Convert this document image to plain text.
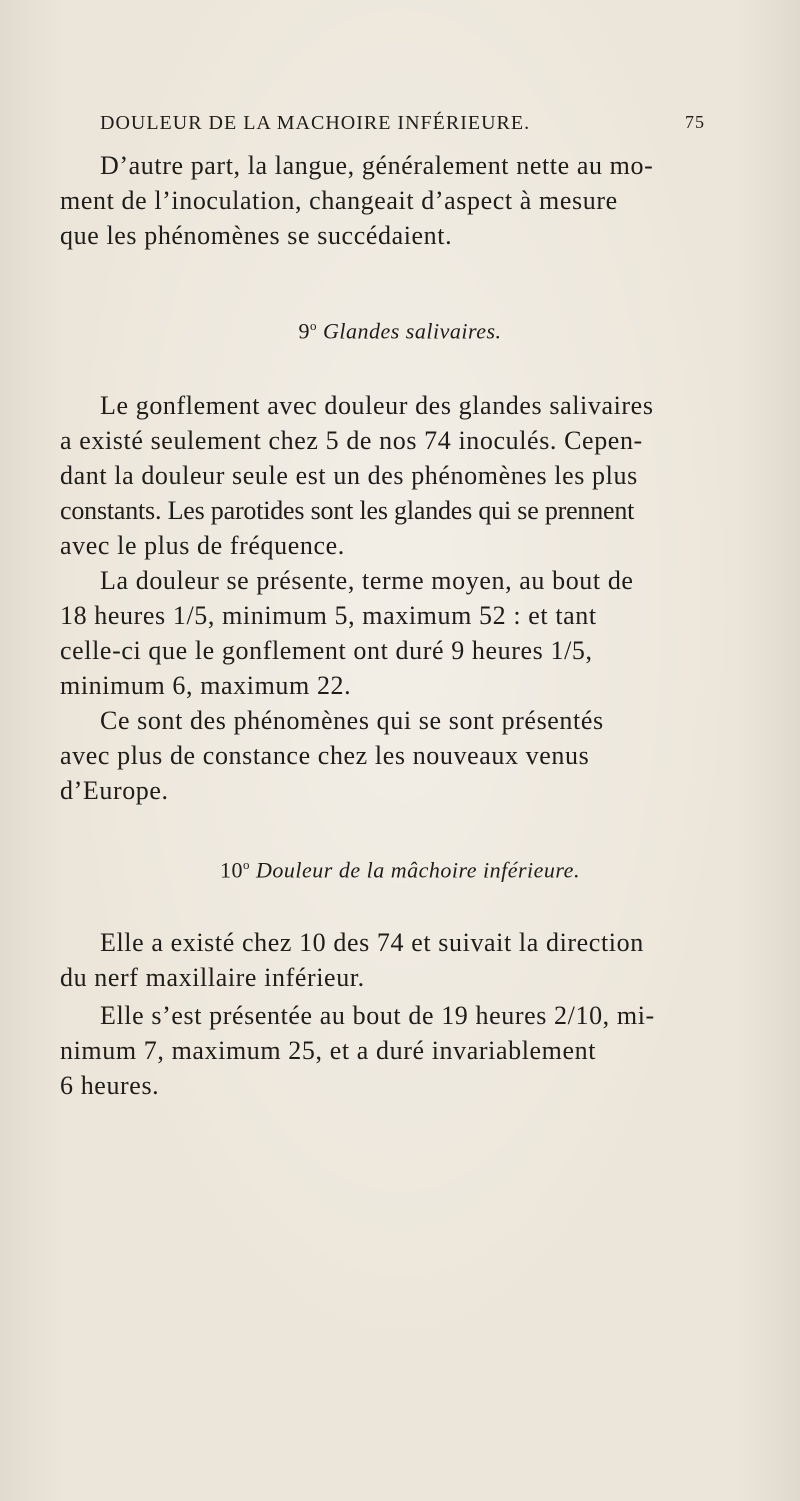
DOULEUR DE LA MACHOIRE INFÉRIEURE.	75
D’autre part, la langue, généralement nette au mo-
ment de l’inoculation, changeait d’aspect à mesure
que les phénomènes se succédaient.
9$^o$ Glandes salivaires.
Le gonflement avec douleur des glandes salivaires
a existé seulement chez 5 de nos 74 inoculés. Cepen-
dant la douleur seule est un des phénomènes les plus
constants. Les parotides sont les glandes qui se prennent
avec le plus de fréquence.
La douleur se présente, terme moyen, au bout de
18 heures 1/5, minimum 5, maximum 52 : et tant
celle-ci que le gonflement ont duré 9 heures 1/5,
minimum 6, maximum 22.
Ce sont des phénomènes qui se sont présentés
avec plus de constance chez les nouveaux venus
d’Europe.
10$^o$ Douleur de la mâchoire inférieure.
Elle a existé chez 10 des 74 et suivait la direction
du nerf maxillaire inférieur.
Elle s’est présentée au bout de 19 heures 2/10, mi-
nimum 7, maximum 25, et a duré invariablement
6 heures.
